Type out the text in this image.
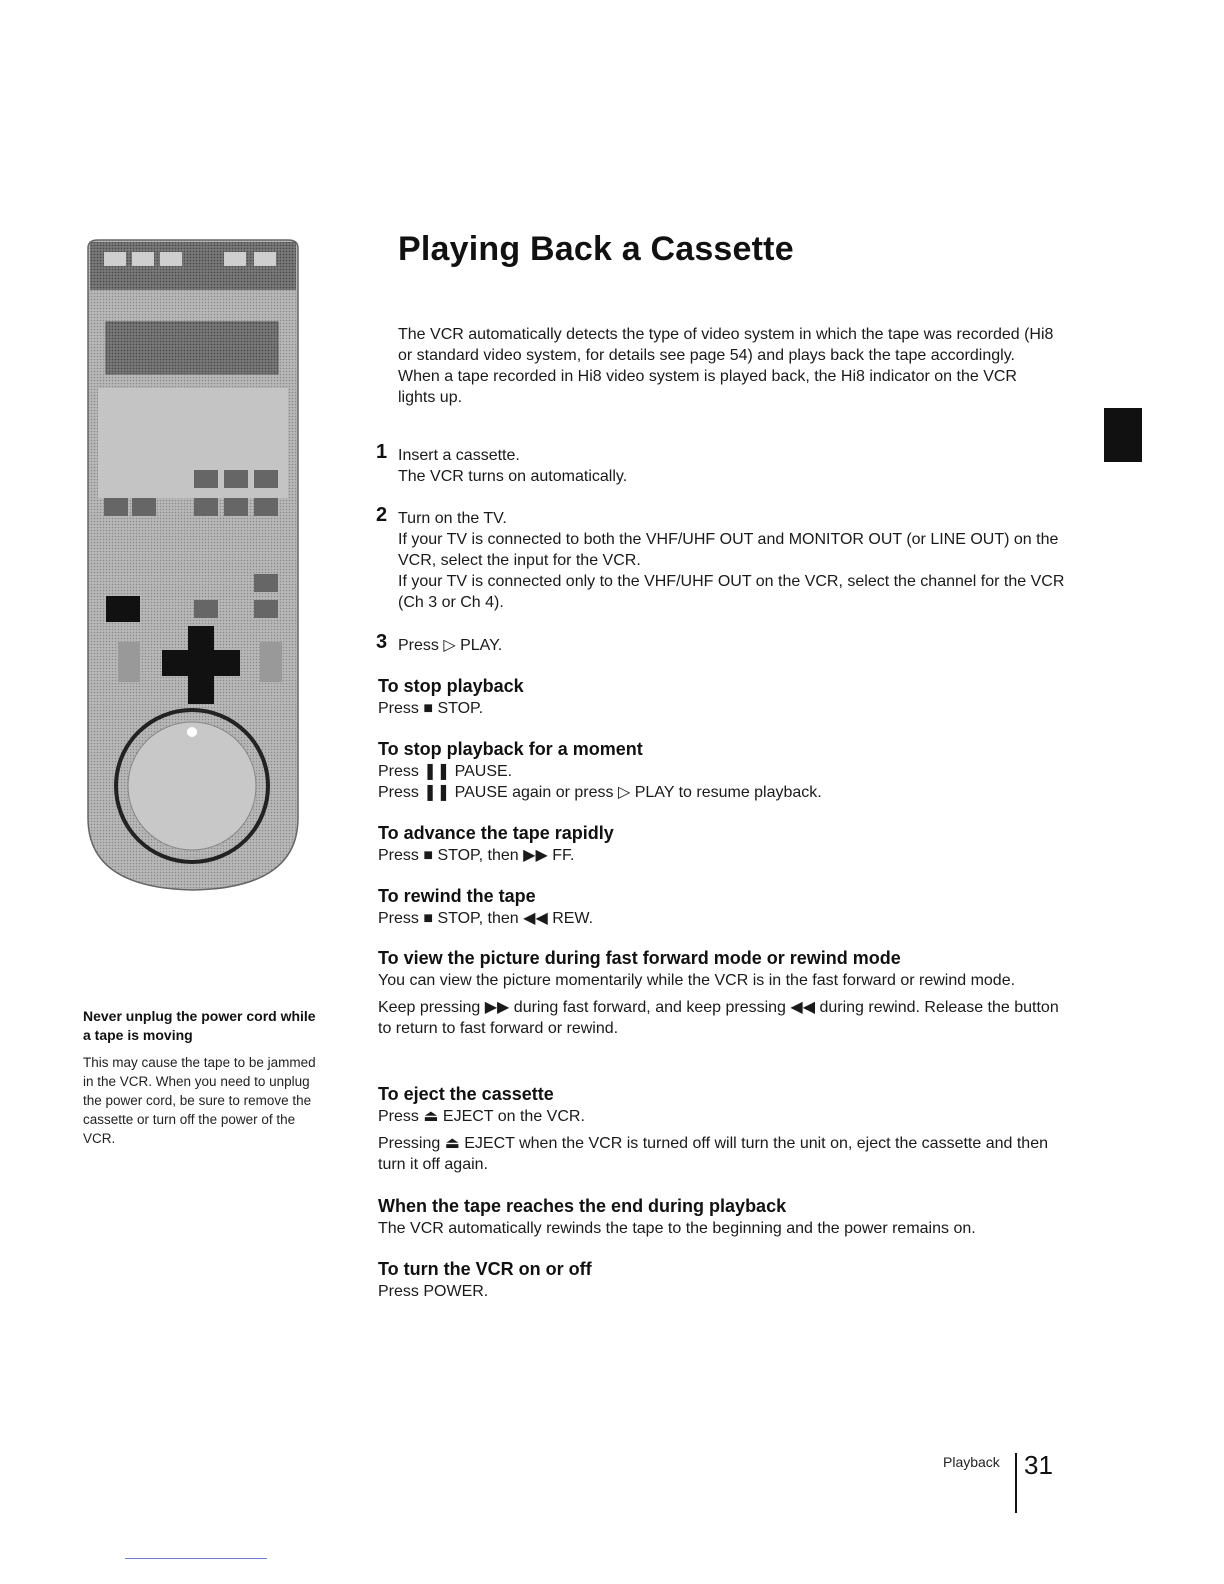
Playing Back a Cassette
The VCR automatically detects the type of video system in which the tape was recorded (Hi8 or standard video system, for details see page 54) and plays back the tape accordingly. When a tape recorded in Hi8 video system is played back, the Hi8 indicator on the VCR lights up.
1 Insert a cassette.
The VCR turns on automatically.
2 Turn on the TV.
If your TV is connected to both the VHF/UHF OUT and MONITOR OUT (or LINE OUT) on the VCR, select the input for the VCR.
If your TV is connected only to the VHF/UHF OUT on the VCR, select the channel for the VCR (Ch 3 or Ch 4).
3 Press ▷ PLAY.
To stop playback

Press ■ STOP.

To stop playback for a moment

Press ❚❚ PAUSE.
Press ❚❚ PAUSE again or press ▷ PLAY to resume playback.

To advance the tape rapidly

Press ■ STOP, then ▶▶ FF.

To rewind the tape

Press ■ STOP, then ◀◀ REW.

To view the picture during fast forward mode or rewind mode

You can view the picture momentarily while the VCR is in the fast forward or rewind mode.

Keep pressing ▶▶ during fast forward, and keep pressing ◀◀ during rewind. Release the button to return to fast forward or rewind.

To eject the cassette

Press ⏏ EJECT on the VCR.

Pressing ⏏ EJECT when the VCR is turned off will turn the unit on, eject the cassette and then turn it off again.

When the tape reaches the end during playback

The VCR automatically rewinds the tape to the beginning and the power remains on.

To turn the VCR on or off

Press POWER.

Never unplug the power cord while a tape is moving

This may cause the tape to be jammed in the VCR. When you need to unplug the power cord, be sure to remove the cassette or turn off the power of the VCR.

Playback 31
